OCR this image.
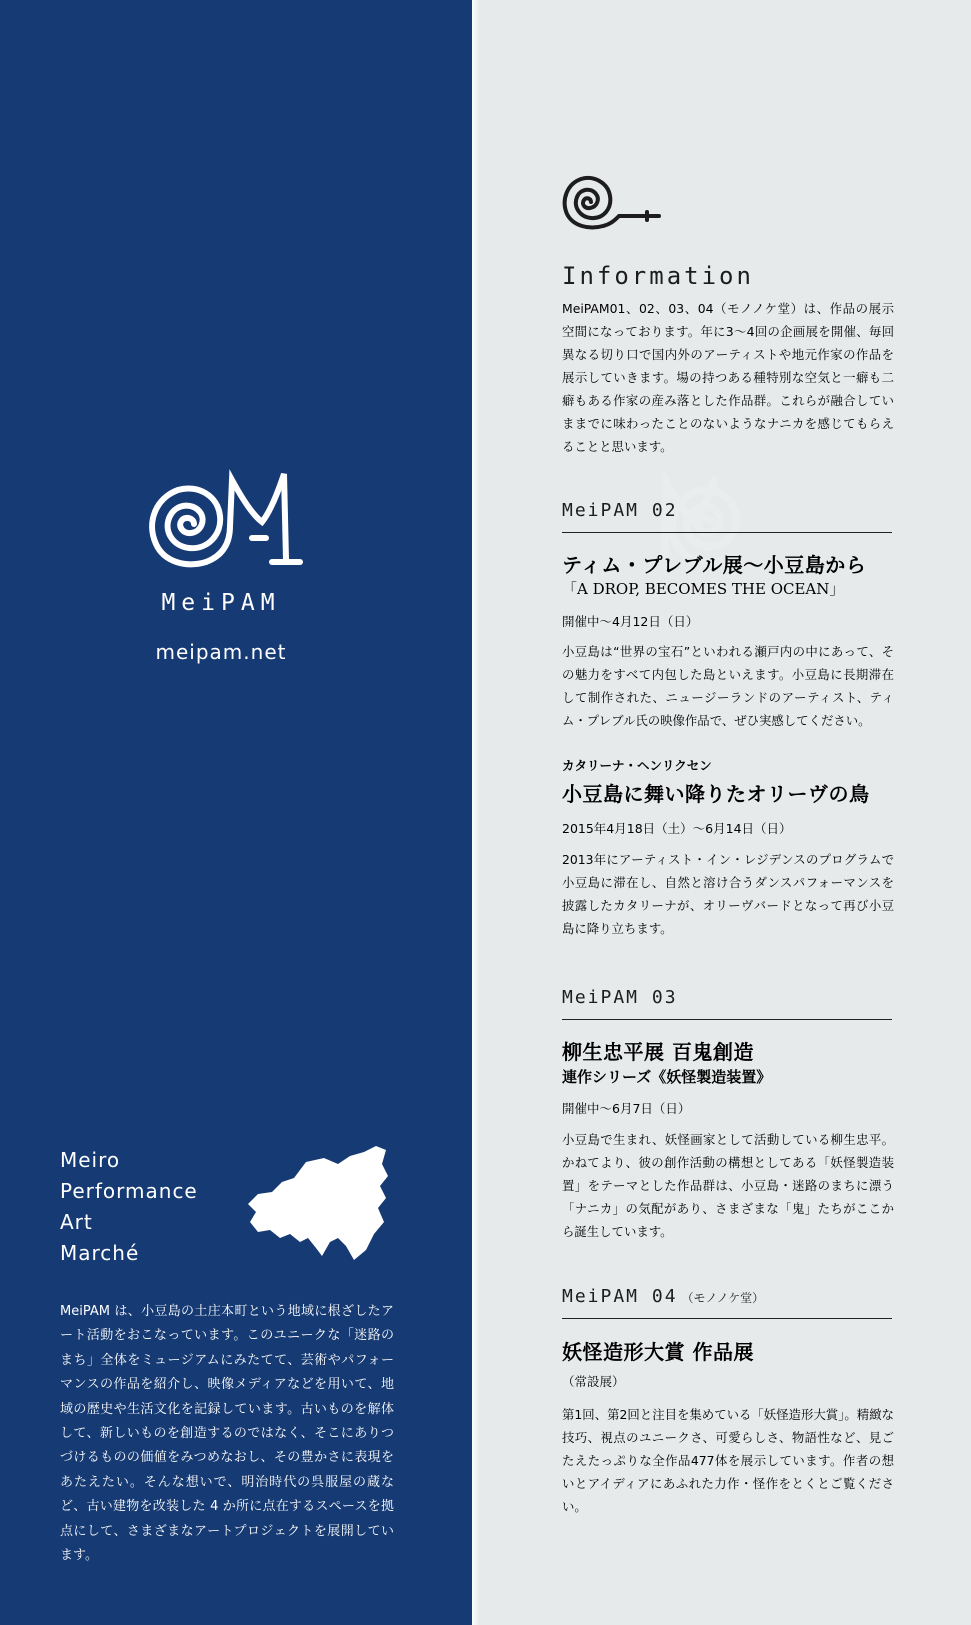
MeiPAM
meipam.net
Meiro
Performance
Art
Marché
MeiPAM は、小豆島の土庄本町という地域に根ざしたアート活動をおこなっています。このユニークな「迷路のまち」全体をミュージアムにみたてて、芸術やパフォーマンスの作品を紹介し、映像メディアなどを用いて、地域の歴史や生活文化を記録しています。古いものを解体して、新しいものを創造するのではなく、そこにありつづけるものの価値をみつめなおし、その豊かさに表現をあたえたい。そんな想いで、明治時代の呉服屋の蔵など、古い建物を改装した 4 か所に点在するスペースを拠点にして、さまざまなアートプロジェクトを展開しています。
Information
MeiPAM01、02、03、04（モノノケ堂）は、作品の展示空間になっております。年に3～4回の企画展を開催、毎回異なる切り口で国内外のアーティストや地元作家の作品を展示していきます。場の持つある種特別な空気と一癖も二癖もある作家の産み落とした作品群。これらが融合していままでに味わったことのないようなナニカを感じてもらえることと思います。
MeiPAM 02
ティム・プレブル展～小豆島から
「A DROP, BECOMES THE OCEAN」
開催中～4月12日（日）
小豆島は“世界の宝石”といわれる瀬戸内の中にあって、その魅力をすべて内包した島といえます。小豆島に長期滞在して制作された、ニュージーランドのアーティスト、ティム・プレブル氏の映像作品で、ぜひ実感してください。
カタリーナ・ヘンリクセン
小豆島に舞い降りたオリーヴの鳥
2015年4月18日（土）～6月14日（日）
2013年にアーティスト・イン・レジデンスのプログラムで小豆島に滞在し、自然と溶け合うダンスパフォーマンスを披露したカタリーナが、オリーヴバードとなって再び小豆島に降り立ちます。
MeiPAM 03
柳生忠平展 百鬼創造
連作シリーズ《妖怪製造装置》
開催中～6月7日（日）
小豆島で生まれ、妖怪画家として活動している柳生忠平。かねてより、彼の創作活動の構想としてある「妖怪製造装置」をテーマとした作品群は、小豆島・迷路のまちに漂う「ナニカ」の気配があり、さまざまな「鬼」たちがここから誕生しています。
MeiPAM 04 （モノノケ堂）
妖怪造形大賞 作品展
（常設展）
第1回、第2回と注目を集めている「妖怪造形大賞」。精緻な技巧、視点のユニークさ、可愛らしさ、物語性など、見ごたえたっぷりな全作品477体を展示しています。作者の想いとアイディアにあふれた力作・怪作をとくとご覧ください。
